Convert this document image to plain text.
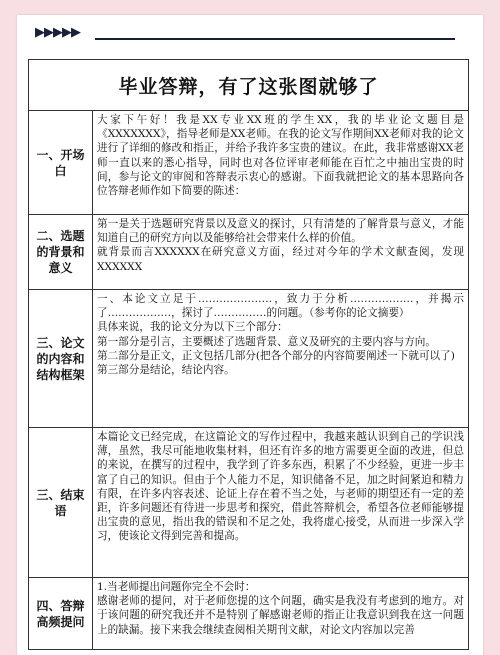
▶▶▶▶▶
毕业答辩，有了这张图就够了	
一、开场白	大家下午好！我是XX专业XX班的学生XX，我的毕业论文题目是《XXXXXXX》，指导老师是XX老师。在我的论文写作期间XX老师对我的论文进行了详细的修改和指正，并给予我许多宝贵的建议。在此，我非常感谢XX老师一直以来的悉心指导，同时也对各位评审老师能在百忙之中抽出宝贵的时间，参与论文的审阅和答辩表示衷心的感谢。下面我就把论文的基本思路向各位答辩老师作如下简要的陈述：

二、选题的背景和意义	第一是关于选题研究背景以及意义的探讨，只有清楚的了解背景与意义，才能知道自己的研究方向以及能够给社会带来什么样的价值。

就背景而言XXXXXX在研究意义方面，经过对今年的学术文献查阅，发现XXXXXX

三、论文的内容和结构框架	一、本论文立足于…………………，致力于分析………………，并揭示了………………，探讨了……………的问题。（参考你的论文摘要）

具体来说，我的论文分为以下三个部分：

第一部分是引言，主要概述了选题背景、意义及研究的主要内容与方向。

第二部分是正文，正文包括几部分(把各个部分的内容简要阐述一下就可以了)

第三部分是结论，结论内容。

三、结束语	本篇论文已经完成，在这篇论文的写作过程中，我越来越认识到自己的学识浅薄，虽然，我尽可能地收集材料，但还有许多的地方需要更全面的改进，但总的来说，在撰写的过程中，我学到了许多东西，积累了不少经验，更进一步丰富了自己的知识。但由于个人能力不足，知识储备不足，加之时间紧迫和精力有限，在许多内容表述、论证上存在着不当之处，与老师的期望还有一定的差距，许多问题还有待进一步思考和探究，借此答辩机会，希望各位老师能够提出宝贵的意见，指出我的错误和不足之处，我将虚心接受，从而进一步深入学习，使该论文得到完善和提高。

四、答辩高频提问	1.当老师提出问题你完全不会时：

感谢老师的提问，对于老师您提的这个问题，确实是我没有考虑到的地方。对于该问题的研究我还并不是特别了解感谢老师的指正让我意识到我在这一问题上的缺漏。接下来我会继续查阅相关期刊文献，对论文内容加以完善
